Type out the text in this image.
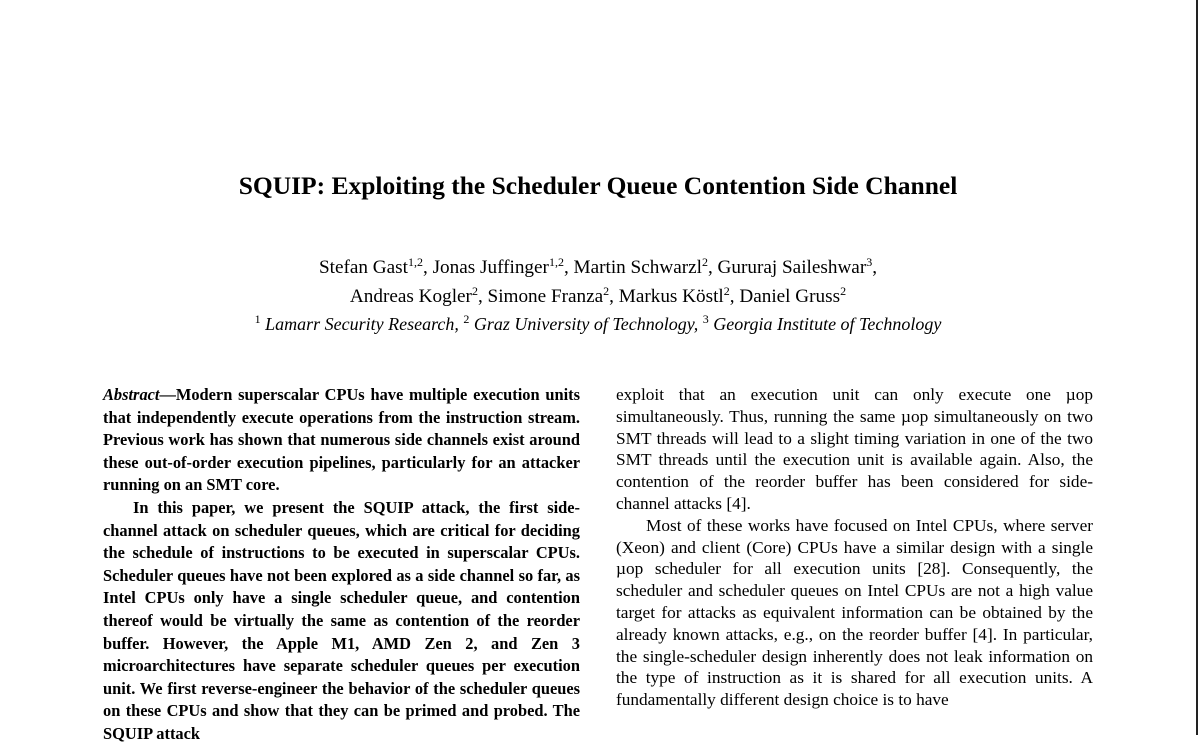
SQUIP: Exploiting the Scheduler Queue Contention Side Channel
Stefan Gast$^{1,2}$, Jonas Juffinger$^{1,2}$, Martin Schwarzl$^2$, Gururaj Saileshwar$^3$,
Andreas Kogler$^2$, Simone Franza$^2$, Markus Köstl$^2$, Daniel Gruss$^2$
$^1$ Lamarr Security Research, $^2$ Graz University of Technology, $^3$ Georgia Institute of Technology

Abstract—Modern superscalar CPUs have multiple execution units that independently execute operations from the instruction stream. Previous work has shown that numerous side channels exist around these out-of-order execution pipelines, particularly for an attacker running on an SMT core.

In this paper, we present the SQUIP attack, the first side-channel attack on scheduler queues, which are critical for deciding the schedule of instructions to be executed in superscalar CPUs. Scheduler queues have not been explored as a side channel so far, as Intel CPUs only have a single scheduler queue, and contention thereof would be virtually the same as contention of the reorder buffer. However, the Apple M1, AMD Zen 2, and Zen 3 microarchitectures have separate scheduler queues per execution unit. We first reverse-engineer the behavior of the scheduler queues on these CPUs and show that they can be primed and probed. The SQUIP attack

exploit that an execution unit can only execute one µop simultaneously. Thus, running the same µop simultaneously on two SMT threads will lead to a slight timing variation in one of the two SMT threads until the execution unit is available again. Also, the contention of the reorder buffer has been considered for side-channel attacks [4].

Most of these works have focused on Intel CPUs, where server (Xeon) and client (Core) CPUs have a similar design with a single µop scheduler for all execution units [28]. Consequently, the scheduler and scheduler queues on Intel CPUs are not a high value target for attacks as equivalent information can be obtained by the already known attacks, e.g., on the reorder buffer [4]. In particular, the single-scheduler design inherently does not leak information on the type of instruction as it is shared for all execution units. A fundamentally different design choice is to have
